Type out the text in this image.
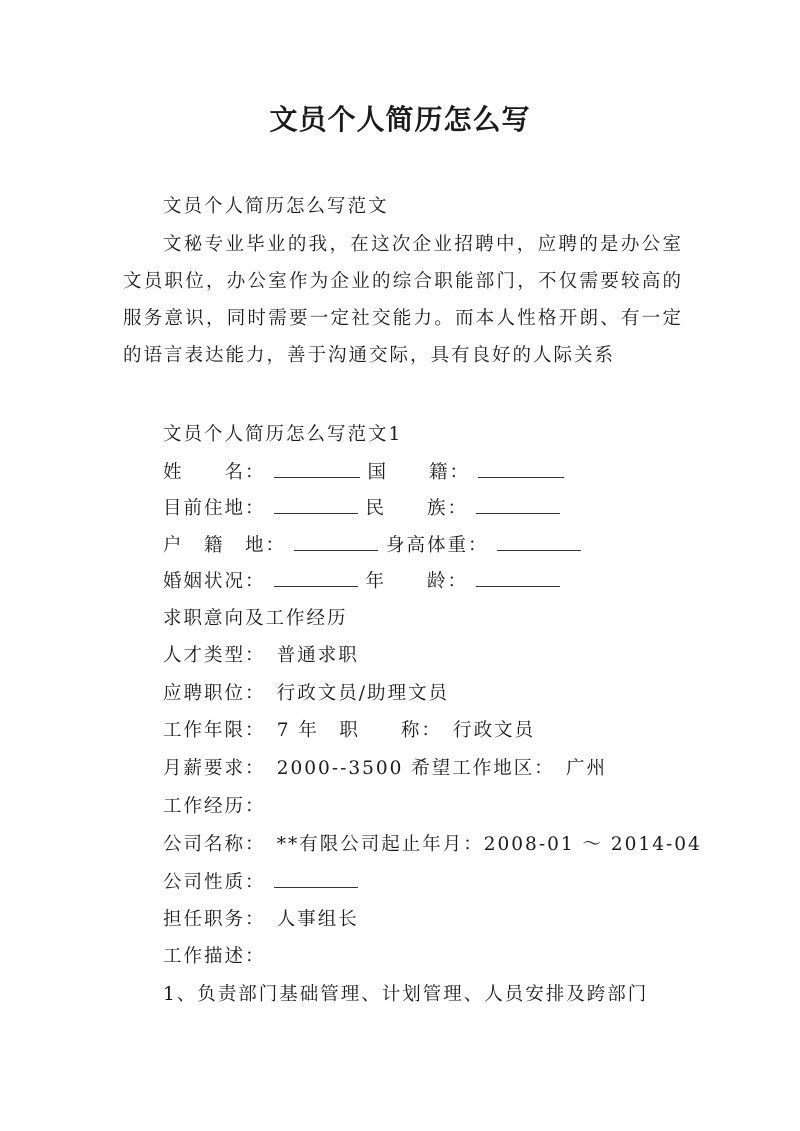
文员个人简历怎么写
文员个人简历怎么写范文
文秘专业毕业的我，在这次企业招聘中，应聘的是办公室文员职位，办公室作为企业的综合职能部门，不仅需要较高的服务意识，同时需要一定社交能力。而本人性格开朗、有一定的语言表达能力，善于沟通交际，具有良好的人际关系
文员个人简历怎么写范文1
姓　　名：	国　　籍：
目前住地：	民　　族：
户　籍　地：	身高体重：
婚姻状况：	年　　龄：
求职意向及工作经历
人才类型：　普通求职
应聘职位：　行政文员/助理文员
工作年限：　7 年　职　　称：　行政文员
月薪要求：　2000--3500 希望工作地区：　广州
工作经历：
公司名称：　**有限公司起止年月：2008-01 ～ 2014-04
公司性质：
担任职务：　人事组长
工作描述：
1、负责部门基础管理、计划管理、人员安排及跨部门
